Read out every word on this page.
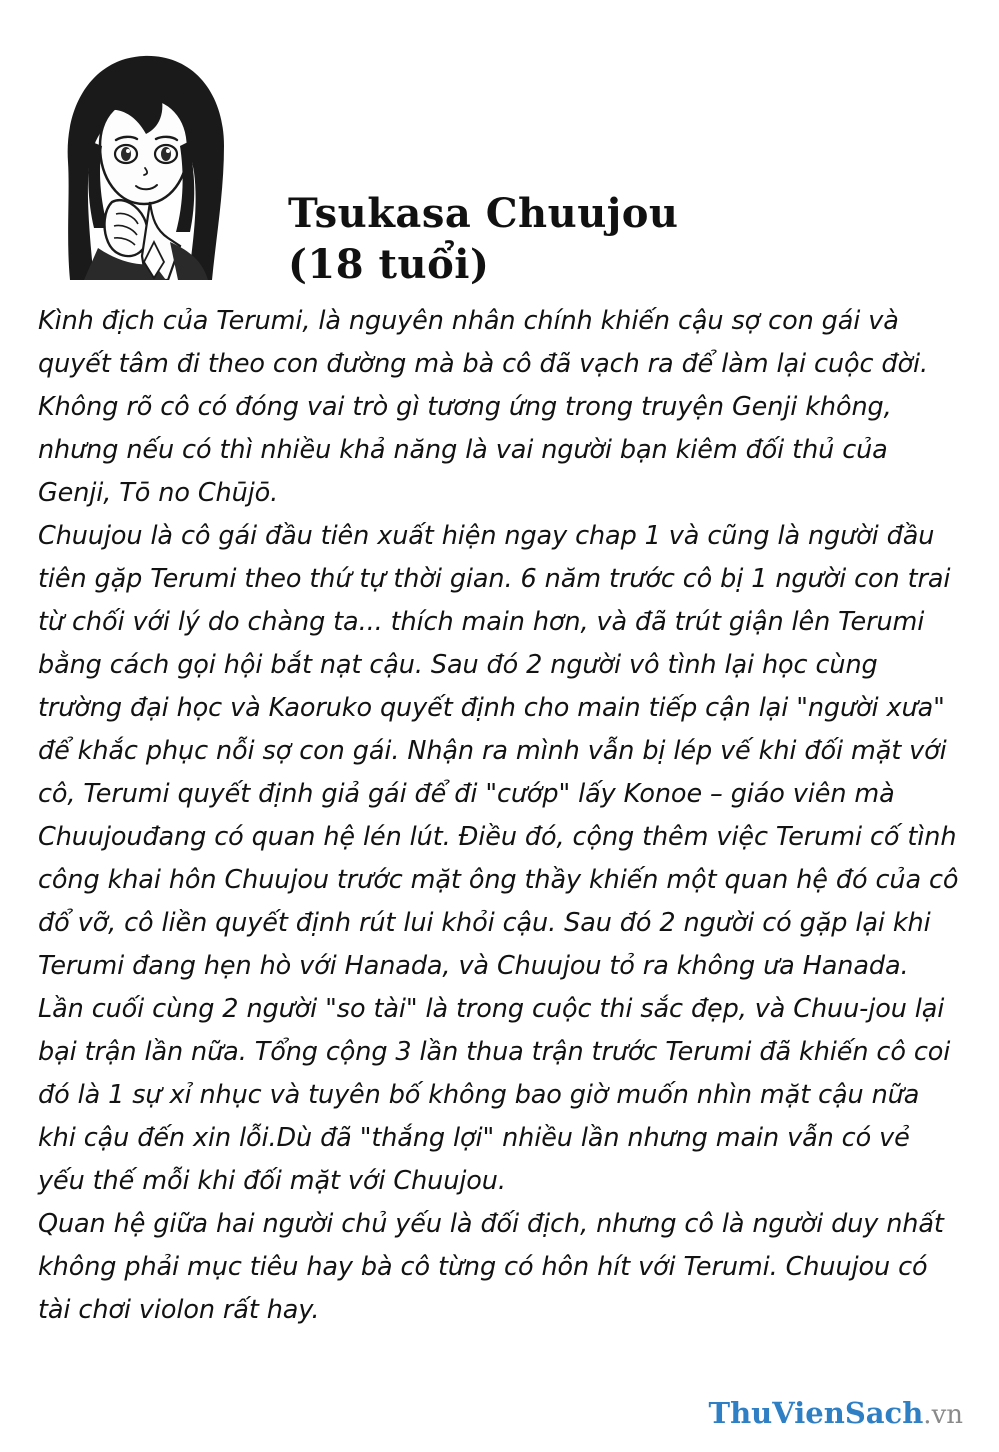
Tsukasa Chuujou
(18 tuổi)

Kình địch của Terumi, là nguyên nhân chính khiến cậu sợ con gái và quyết tâm đi theo con đường mà bà cô đã vạch ra để làm lại cuộc đời. Không rõ cô có đóng vai trò gì tương ứng trong truyện Genji không, nhưng nếu có thì nhiều khả năng là vai người bạn kiêm đối thủ của Genji, Tō no Chūjō.

Chuujou là cô gái đầu tiên xuất hiện ngay chap 1 và cũng là người đầu tiên gặp Terumi theo thứ tự thời gian. 6 năm trước cô bị 1 người con trai từ chối với lý do chàng ta... thích main hơn, và đã trút giận lên Terumi bằng cách gọi hội bắt nạt cậu. Sau đó 2 người vô tình lại học cùng trường đại học và Kaoruko quyết định cho main tiếp cận lại "người xưa" để khắc phục nỗi sợ con gái. Nhận ra mình vẫn bị lép vế khi đối mặt với cô, Terumi quyết định giả gái để đi "cướp" lấy Konoe – giáo viên mà Chuujouđang có quan hệ lén lút. Điều đó, cộng thêm việc Terumi cố tình công khai hôn Chuujou trước mặt ông thầy khiến một quan hệ đó của cô đổ vỡ, cô liền quyết định rút lui khỏi cậu. Sau đó 2 người có gặp lại khi Terumi đang hẹn hò với Hanada, và Chuujou tỏ ra không ưa Hanada.

Lần cuối cùng 2 người "so tài" là trong cuộc thi sắc đẹp, và Chuu-jou lại bại trận lần nữa. Tổng cộng 3 lần thua trận trước Terumi đã khiến cô coi đó là 1 sự xỉ nhục và tuyên bố không bao giờ muốn nhìn mặt cậu nữa khi cậu đến xin lỗi.Dù đã "thắng lợi" nhiều lần nhưng main vẫn có vẻ yếu thế mỗi khi đối mặt với Chuujou.

Quan hệ giữa hai người chủ yếu là đối địch, nhưng cô là người duy nhất không phải mục tiêu hay bà cô từng có hôn hít với Terumi. Chuujou có tài chơi violon rất hay.

ThuVienSach.vn
